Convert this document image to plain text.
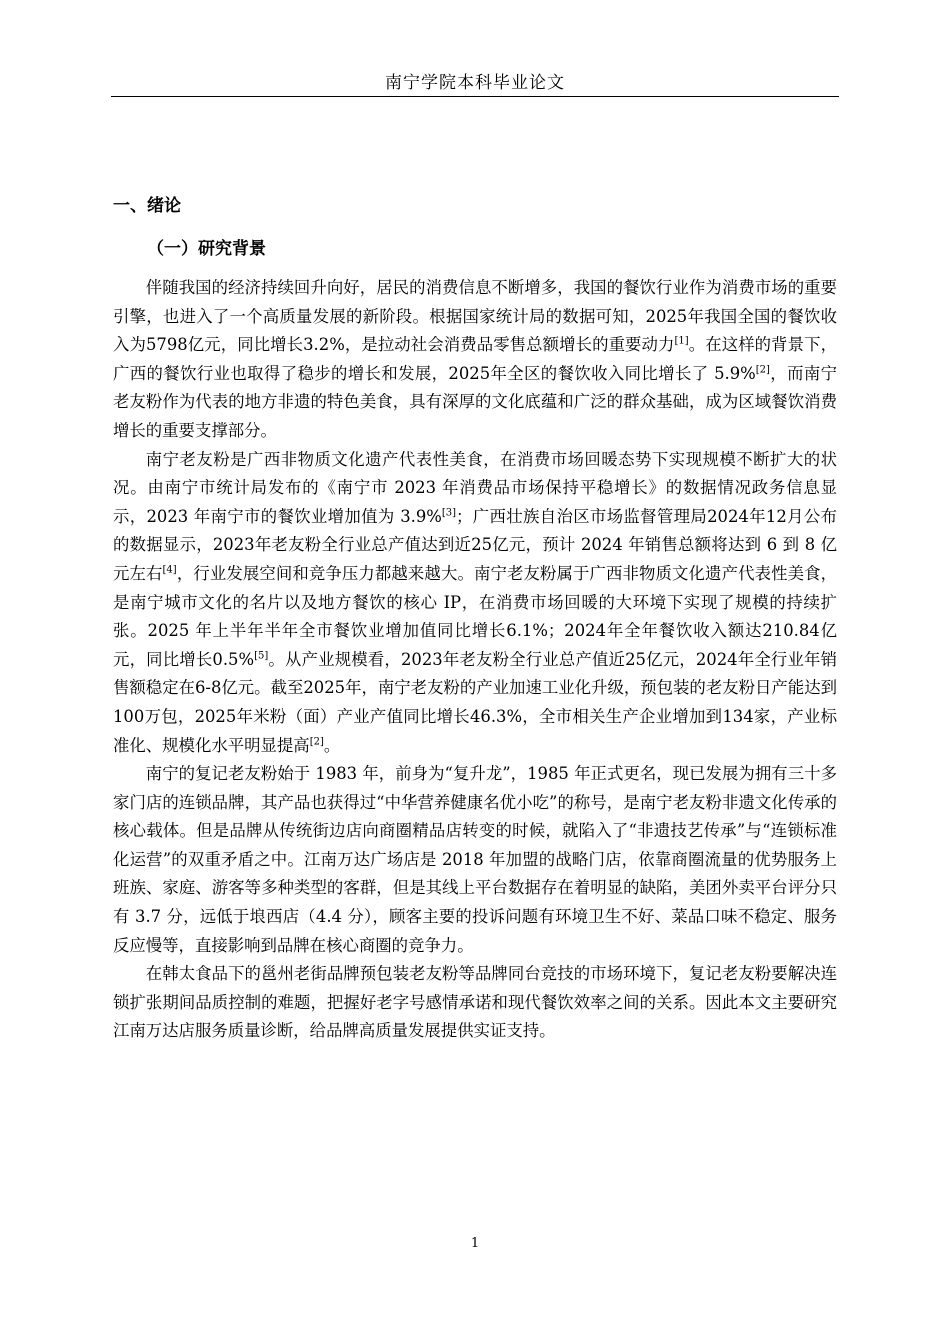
南宁学院本科毕业论文
一、绪论
（一）研究背景

伴随我国的经济持续回升向好，居民的消费信息不断增多，我国的餐饮行业作为消费市场的重要引擎，也进入了一个高质量发展的新阶段。根据国家统计局的数据可知，2025年我国全国的餐饮收入为5798亿元，同比增长3.2%，是拉动社会消费品零售总额增长的重要动力[1]。在这样的背景下，广西的餐饮行业也取得了稳步的增长和发展，2025年全区的餐饮收入同比增长了 5.9%[2]，而南宁老友粉作为代表的地方非遗的特色美食，具有深厚的文化底蕴和广泛的群众基础，成为区域餐饮消费增长的重要支撑部分。

南宁老友粉是广西非物质文化遗产代表性美食，在消费市场回暖态势下实现规模不断扩大的状况。由南宁市统计局发布的《南宁市 2023 年消费品市场保持平稳增长》的数据情况政务信息显示，2023 年南宁市的餐饮业增加值为 3.9%[3]；广西壮族自治区市场监督管理局2024年12月公布的数据显示，2023年老友粉全行业总产值达到近25亿元，预计 2024 年销售总额将达到 6 到 8 亿元左右[4]，行业发展空间和竞争压力都越来越大。南宁老友粉属于广西非物质文化遗产代表性美食，是南宁城市文化的名片以及地方餐饮的核心 IP，在消费市场回暖的大环境下实现了规模的持续扩张。2025 年上半年半年全市餐饮业增加值同比增长6.1%；2024年全年餐饮收入额达210.84亿元，同比增长0.5%[5]。从产业规模看，2023年老友粉全行业总产值近25亿元，2024年全行业年销售额稳定在6-8亿元。截至2025年，南宁老友粉的产业加速工业化升级，预包装的老友粉日产能达到100万包，2025年米粉（面）产业产值同比增长46.3%，全市相关生产企业增加到134家，产业标准化、规模化水平明显提高[2]。

南宁的复记老友粉始于 1983 年，前身为“复升龙”，1985 年正式更名，现已发展为拥有三十多家门店的连锁品牌，其产品也获得过“中华营养健康名优小吃”的称号，是南宁老友粉非遗文化传承的核心载体。但是品牌从传统街边店向商圈精品店转变的时候，就陷入了“非遗技艺传承”与“连锁标准化运营”的双重矛盾之中。江南万达广场店是 2018 年加盟的战略门店，依靠商圈流量的优势服务上班族、家庭、游客等多种类型的客群，但是其线上平台数据存在着明显的缺陷，美团外卖平台评分只有 3.7 分，远低于埌西店（4.4 分），顾客主要的投诉问题有环境卫生不好、菜品口味不稳定、服务反应慢等，直接影响到品牌在核心商圈的竞争力。

在韩太食品下的邕州老街品牌预包装老友粉等品牌同台竞技的市场环境下，复记老友粉要解决连锁扩张期间品质控制的难题，把握好老字号感情承诺和现代餐饮效率之间的关系。因此本文主要研究江南万达店服务质量诊断，给品牌高质量发展提供实证支持。

1
